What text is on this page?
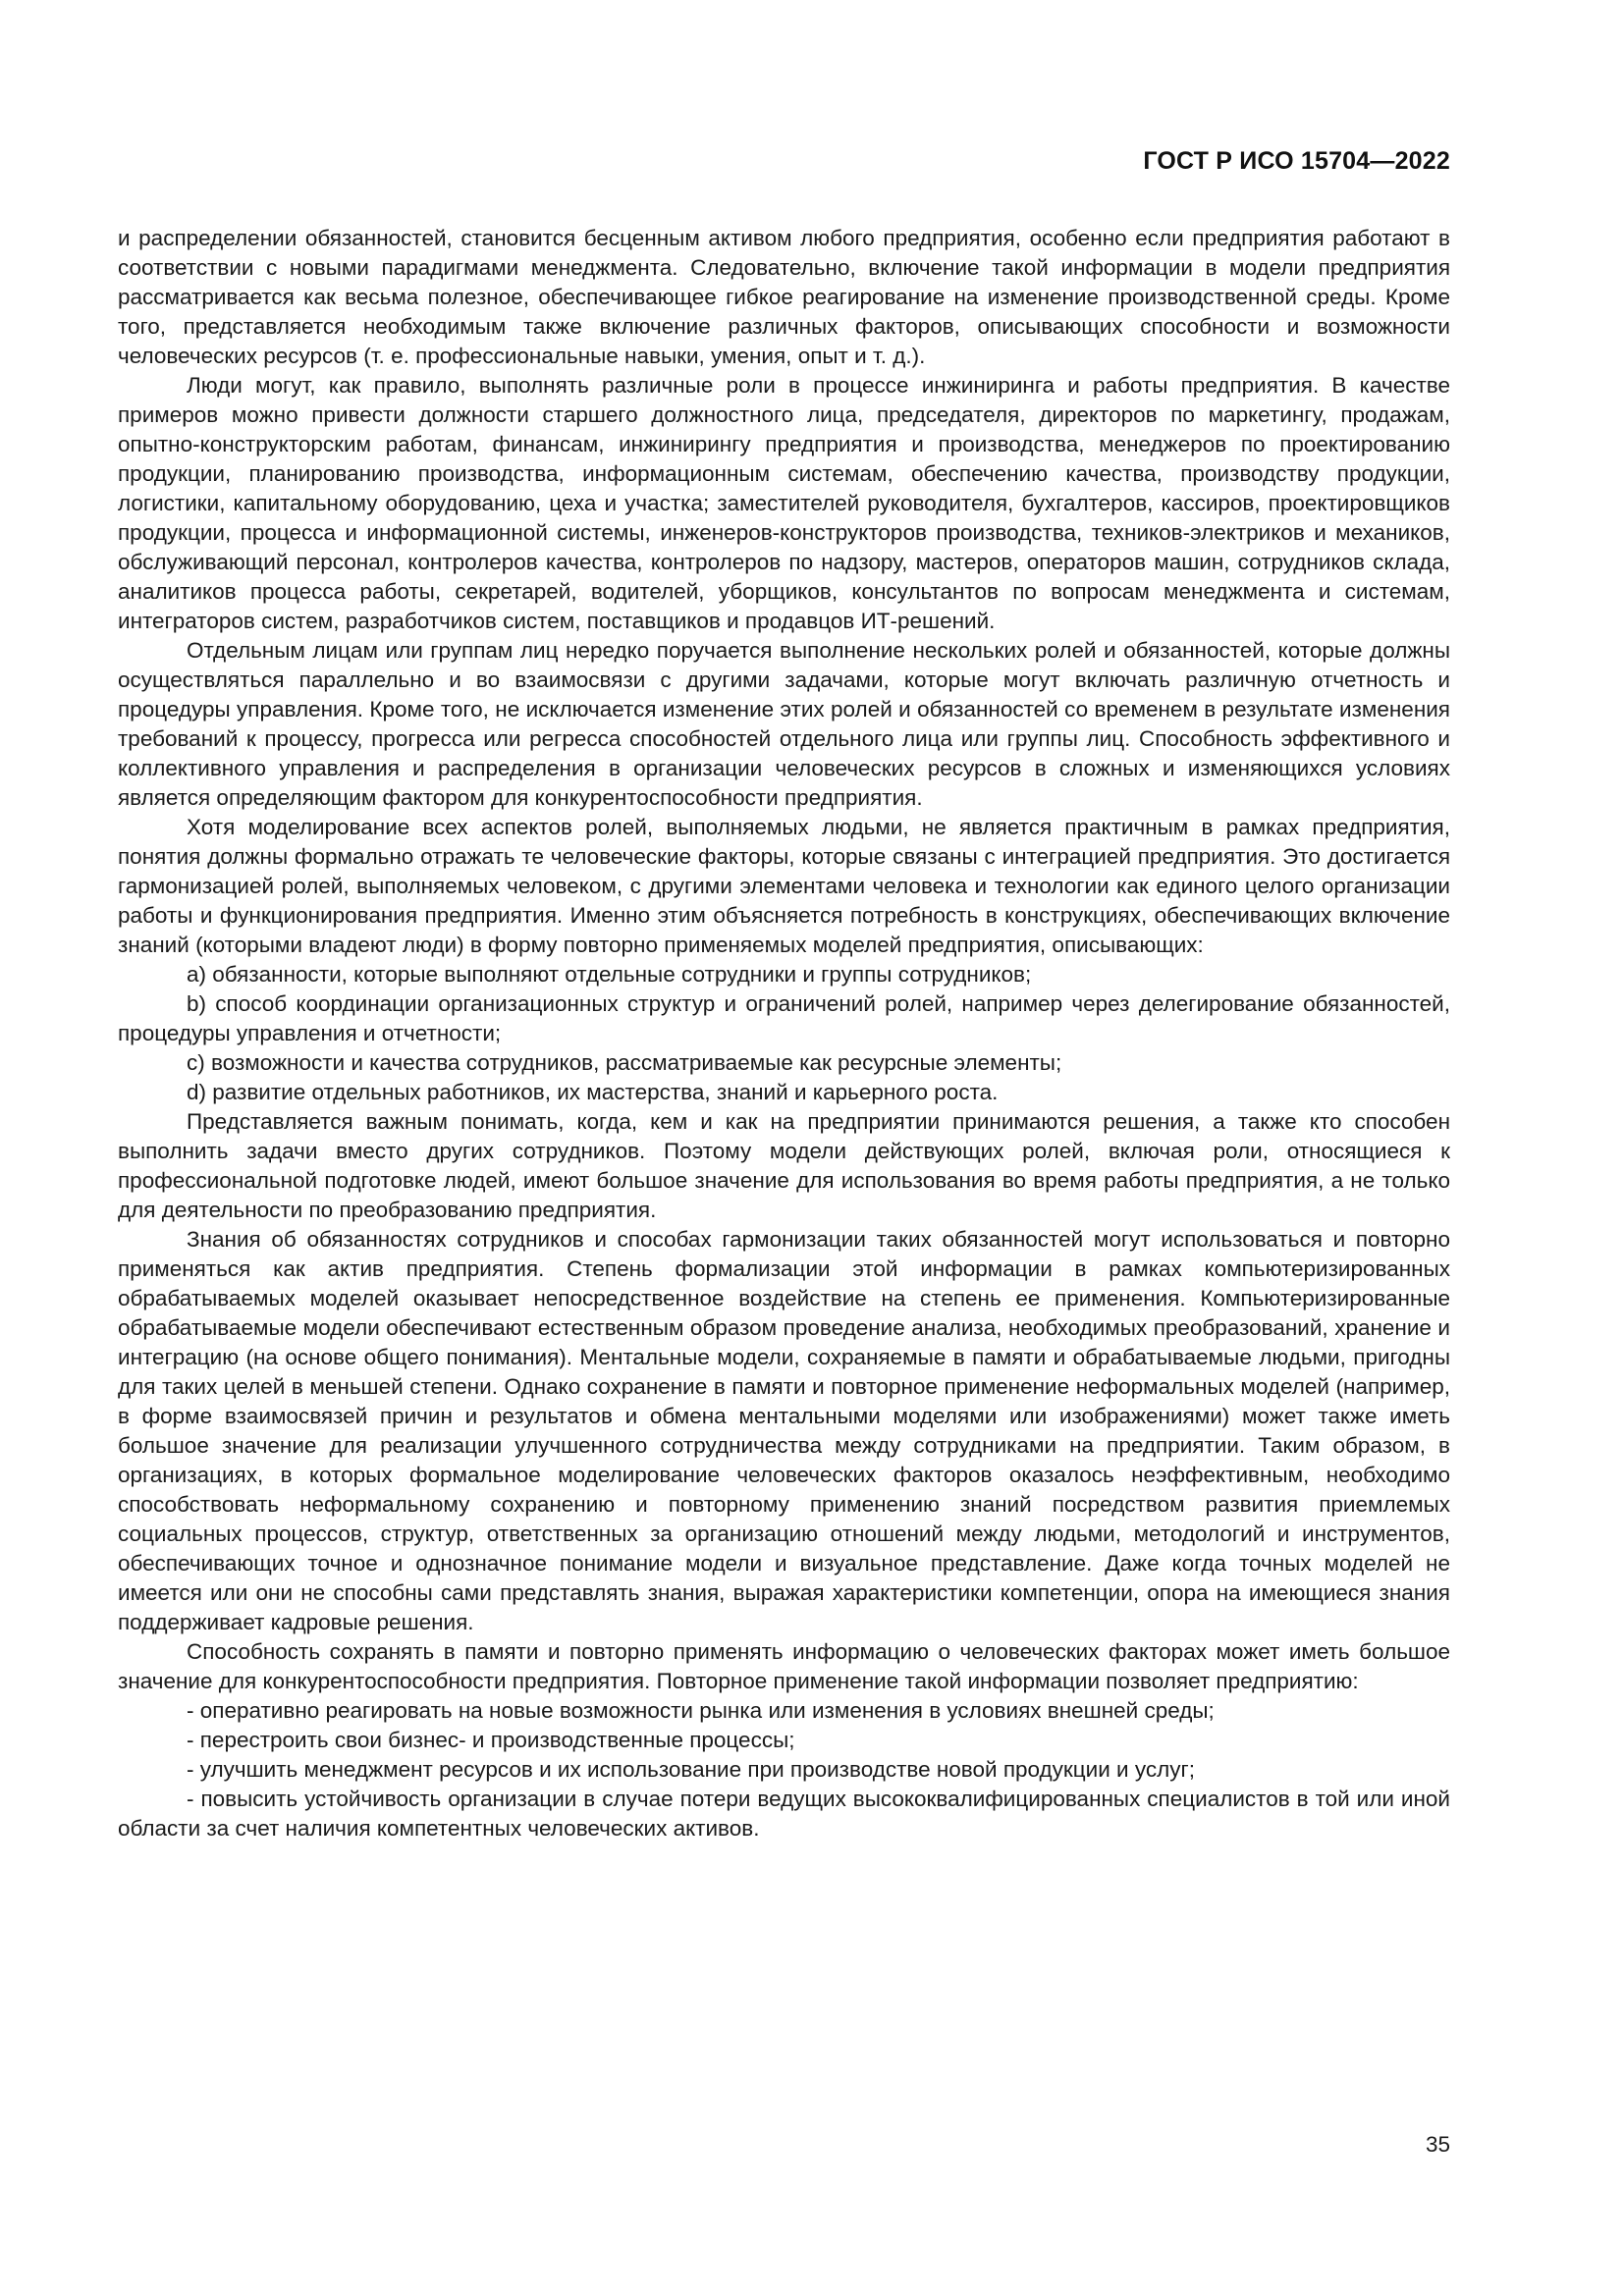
ГОСТ Р ИСО 15704—2022

и распределении обязанностей, становится бесценным активом любого предприятия, особенно если предприятия работают в соответствии с новыми парадигмами менеджмента. Следовательно, включение такой информации в модели предприятия рассматривается как весьма полезное, обеспечивающее гибкое реагирование на изменение производственной среды. Кроме того, представляется необходимым также включение различных факторов, описывающих способности и возможности человеческих ресурсов (т. е. профессиональные навыки, умения, опыт и т. д.).

Люди могут, как правило, выполнять различные роли в процессе инжиниринга и работы предприятия. В качестве примеров можно привести должности старшего должностного лица, председателя, директоров по маркетингу, продажам, опытно-конструкторским работам, финансам, инжинирингу предприятия и производства, менеджеров по проектированию продукции, планированию производства, информационным системам, обеспечению качества, производству продукции, логистики, капитальному оборудованию, цеха и участка; заместителей руководителя, бухгалтеров, кассиров, проектировщиков продукции, процесса и информационной системы, инженеров-конструкторов производства, техников-электриков и механиков, обслуживающий персонал, контролеров качества, контролеров по надзору, мастеров, операторов машин, сотрудников склада, аналитиков процесса работы, секретарей, водителей, уборщиков, консультантов по вопросам менеджмента и системам, интеграторов систем, разработчиков систем, поставщиков и продавцов ИТ-решений.

Отдельным лицам или группам лиц нередко поручается выполнение нескольких ролей и обязанностей, которые должны осуществляться параллельно и во взаимосвязи с другими задачами, которые могут включать различную отчетность и процедуры управления. Кроме того, не исключается изменение этих ролей и обязанностей со временем в результате изменения требований к процессу, прогресса или регресса способностей отдельного лица или группы лиц. Способность эффективного и коллективного управления и распределения в организации человеческих ресурсов в сложных и изменяющихся условиях является определяющим фактором для конкурентоспособности предприятия.

Хотя моделирование всех аспектов ролей, выполняемых людьми, не является практичным в рамках предприятия, понятия должны формально отражать те человеческие факторы, которые связаны с интеграцией предприятия. Это достигается гармонизацией ролей, выполняемых человеком, с другими элементами человека и технологии как единого целого организации работы и функционирования предприятия. Именно этим объясняется потребность в конструкциях, обеспечивающих включение знаний (которыми владеют люди) в форму повторно применяемых моделей предприятия, описывающих:

a) обязанности, которые выполняют отдельные сотрудники и группы сотрудников;

b) способ координации организационных структур и ограничений ролей, например через делегирование обязанностей, процедуры управления и отчетности;

c) возможности и качества сотрудников, рассматриваемые как ресурсные элементы;

d) развитие отдельных работников, их мастерства, знаний и карьерного роста.

Представляется важным понимать, когда, кем и как на предприятии принимаются решения, а также кто способен выполнить задачи вместо других сотрудников. Поэтому модели действующих ролей, включая роли, относящиеся к профессиональной подготовке людей, имеют большое значение для использования во время работы предприятия, а не только для деятельности по преобразованию предприятия.

Знания об обязанностях сотрудников и способах гармонизации таких обязанностей могут использоваться и повторно применяться как актив предприятия. Степень формализации этой информации в рамках компьютеризированных обрабатываемых моделей оказывает непосредственное воздействие на степень ее применения. Компьютеризированные обрабатываемые модели обеспечивают естественным образом проведение анализа, необходимых преобразований, хранение и интеграцию (на основе общего понимания). Ментальные модели, сохраняемые в памяти и обрабатываемые людьми, пригодны для таких целей в меньшей степени. Однако сохранение в памяти и повторное применение неформальных моделей (например, в форме взаимосвязей причин и результатов и обмена ментальными моделями или изображениями) может также иметь большое значение для реализации улучшенного сотрудничества между сотрудниками на предприятии. Таким образом, в организациях, в которых формальное моделирование человеческих факторов оказалось неэффективным, необходимо способствовать неформальному сохранению и повторному применению знаний посредством развития приемлемых социальных процессов, структур, ответственных за организацию отношений между людьми, методологий и инструментов, обеспечивающих точное и однозначное понимание модели и визуальное представление. Даже когда точных моделей не имеется или они не способны сами представлять знания, выражая характеристики компетенции, опора на имеющиеся знания поддерживает кадровые решения.

Способность сохранять в памяти и повторно применять информацию о человеческих факторах может иметь большое значение для конкурентоспособности предприятия. Повторное применение такой информации позволяет предприятию:

- оперативно реагировать на новые возможности рынка или изменения в условиях внешней среды;

- перестроить свои бизнес- и производственные процессы;

- улучшить менеджмент ресурсов и их использование при производстве новой продукции и услуг;

- повысить устойчивость организации в случае потери ведущих высококвалифицированных специалистов в той или иной области за счет наличия компетентных человеческих активов.

35
